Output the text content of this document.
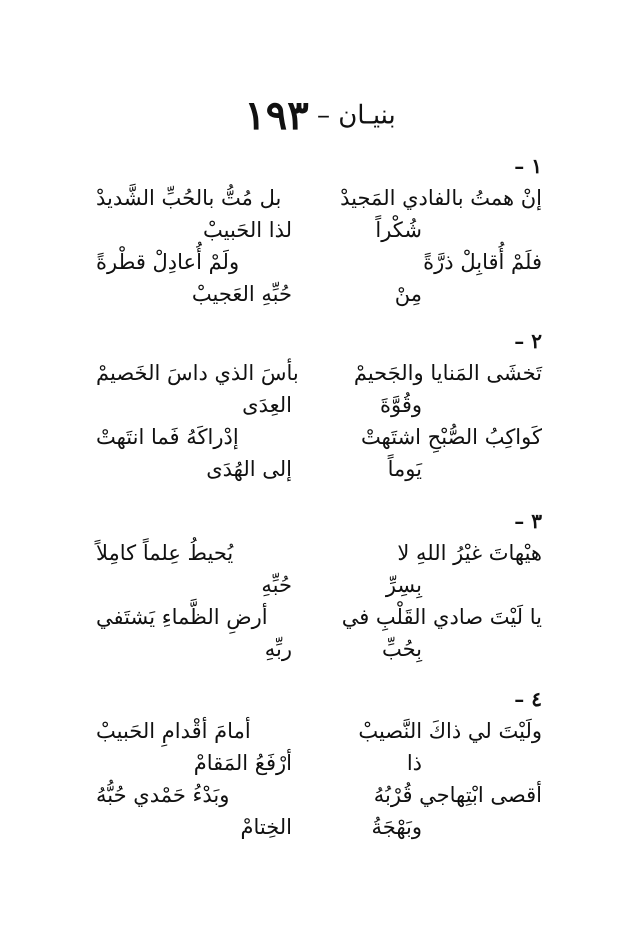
بنيـان – ١٩٣
١ –
إنْ همتُ بالفادي المَجيدْ
بل مُتُّ بالحُبِّ الشَّديدْ
شُكْراً
لذا الحَبيبْ
فلَمْ أُقابِلْ ذرَّةً
ولَمْ أُعادِلْ قطْرةً
مِنْ
حُبِّهِ العَجيبْ
٢ –
تَخشَى المَنايا والجَحيمْ
بأسَ الذي داسَ الخَصيمْ
وقُوَّةَ
العِدَى
كَواكِبُ الصُّبْحِ اشتَهتْ
إدْراكَهُ فَما انتَهتْ
يَوماً
إلى الهُدَى
٣ –
هيْهاتَ غيْرُ اللهِ لا
يُحيطُ عِلماً كامِلاً
بِسِرِّ
حُبِّهِ
يا لَيْتَ صادي القَلْبِ في
أرضِ الظَّماءِ يَشتَفي
بِحُبِّ
ربِّهِ
٤ –
ولَيْتَ لي ذاكَ النَّصيبْ
أمامَ أقْدامِ الحَبيبْ
ذا
أرْفَعُ المَقامْ
أقصى ابْتِهاجي قُرْبُهُ
وبَدْءُ حَمْدي حُبُّهُ
وبَهْجَةُ
الخِتامْ
